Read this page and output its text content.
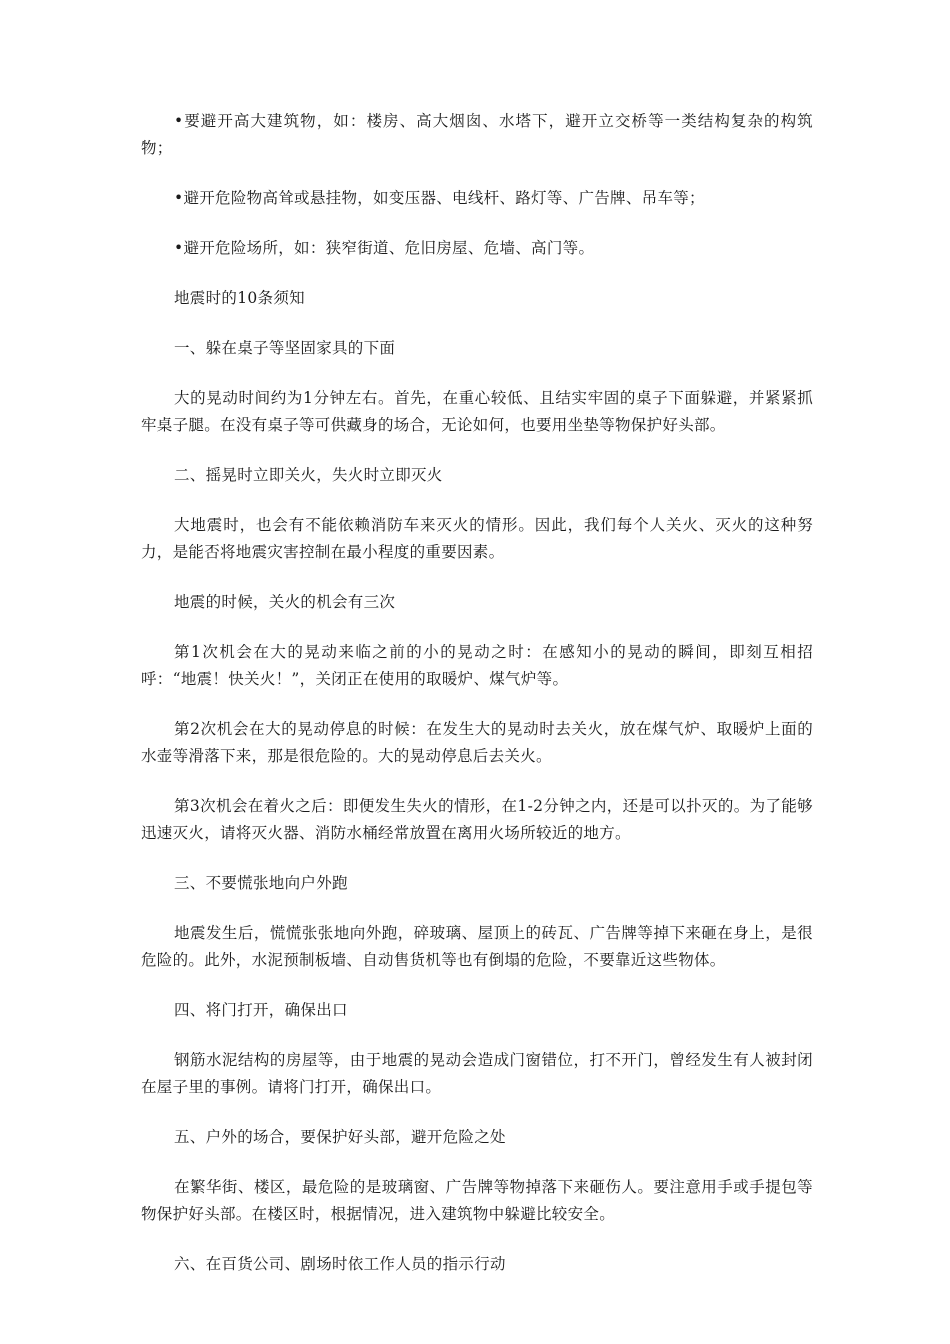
•要避开高大建筑物，如：楼房、高大烟囱、水塔下，避开立交桥等一类结构复杂的构筑物；

•避开危险物高耸或悬挂物，如变压器、电线杆、路灯等、广告牌、吊车等；

•避开危险场所，如：狭窄街道、危旧房屋、危墙、高门等。

地震时的10条须知

一、躲在桌子等坚固家具的下面

大的晃动时间约为1分钟左右。首先，在重心较低、且结实牢固的桌子下面躲避，并紧紧抓牢桌子腿。在没有桌子等可供藏身的场合，无论如何，也要用坐垫等物保护好头部。

二、摇晃时立即关火，失火时立即灭火

大地震时，也会有不能依赖消防车来灭火的情形。因此，我们每个人关火、灭火的这种努力，是能否将地震灾害控制在最小程度的重要因素。

地震的时候，关火的机会有三次

第1次机会在大的晃动来临之前的小的晃动之时：在感知小的晃动的瞬间，即刻互相招呼：“地震！快关火！”，关闭正在使用的取暖炉、煤气炉等。

第2次机会在大的晃动停息的时候：在发生大的晃动时去关火，放在煤气炉、取暖炉上面的水壶等滑落下来，那是很危险的。大的晃动停息后去关火。

第3次机会在着火之后：即便发生失火的情形，在1-2分钟之内，还是可以扑灭的。为了能够迅速灭火，请将灭火器、消防水桶经常放置在离用火场所较近的地方。

三、不要慌张地向户外跑

地震发生后，慌慌张张地向外跑，碎玻璃、屋顶上的砖瓦、广告牌等掉下来砸在身上，是很危险的。此外，水泥预制板墙、自动售货机等也有倒塌的危险，不要靠近这些物体。

四、将门打开，确保出口

钢筋水泥结构的房屋等，由于地震的晃动会造成门窗错位，打不开门，曾经发生有人被封闭在屋子里的事例。请将门打开，确保出口。

五、户外的场合，要保护好头部，避开危险之处

在繁华街、楼区，最危险的是玻璃窗、广告牌等物掉落下来砸伤人。要注意用手或手提包等物保护好头部。在楼区时，根据情况，进入建筑物中躲避比较安全。

六、在百货公司、剧场时依工作人员的指示行动
